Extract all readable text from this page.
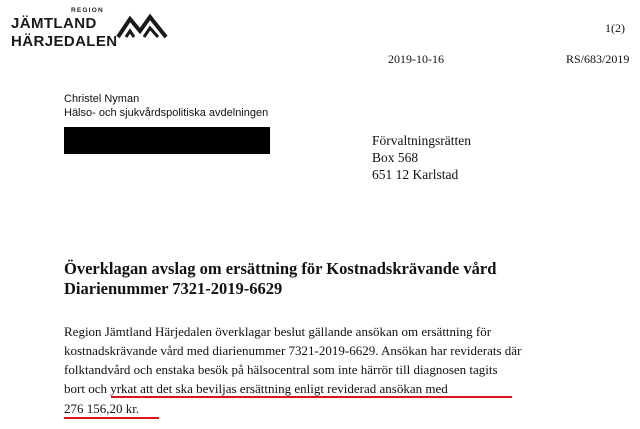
REGION
JÄMTLAND
HÄRJEDALEN
1(2)
2019-10-16	RS/683/2019
Christel Nyman
Hälso- och sjukvårdspolitiska avdelningen
Förvaltningsrätten
Box 568
651 12 Karlstad
Överklagan avslag om ersättning för Kostnadskrävande vård
Diarienummer 7321-2019-6629
Region Jämtland Härjedalen överklagar beslut gällande ansökan om ersättning för
kostnadskrävande vård med diarienummer 7321-2019-6629. Ansökan har reviderats där
folktandvård och enstaka besök på hälsocentral som inte härrör till diagnosen tagits
bort och yrkat att det ska beviljas ersättning enligt reviderad ansökan med
276 156,20 kr.
